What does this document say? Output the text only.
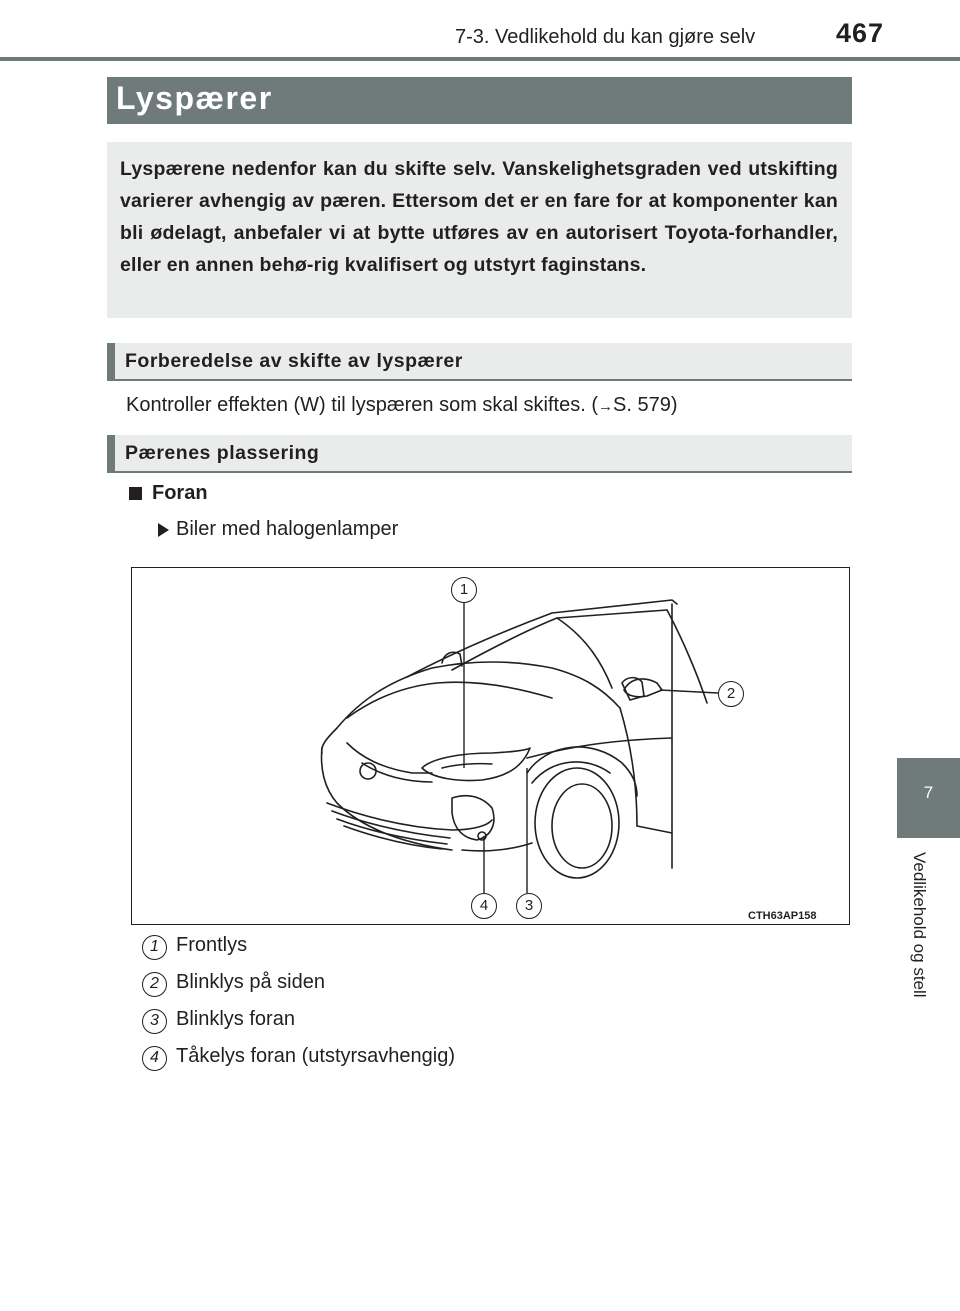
7-3. Vedlikehold du kan gjøre selv	467
7
Vedlikehold og stell
Lyspærer
Lyspærene nedenfor kan du skifte selv. Vanskelighetsgraden ved utskifting varierer avhengig av pæren. Ettersom det er en fare for at komponenter kan bli ødelagt, anbefaler vi at bytte utføres av en autorisert Toyota-forhandler, eller en annen behø-rig kvalifisert og utstyrt faginstans.
Forberedelse av skifte av lyspærer
Kontroller effekten (W) til lyspæren som skal skiftes. (→S. 579)
Pærenes plassering
Foran
Biler med halogenlamper
1
2
3
4
CTH63AP158
1 Frontlys
2 Blinklys på siden
3 Blinklys foran
4 Tåkelys foran (utstyrsavhengig)
